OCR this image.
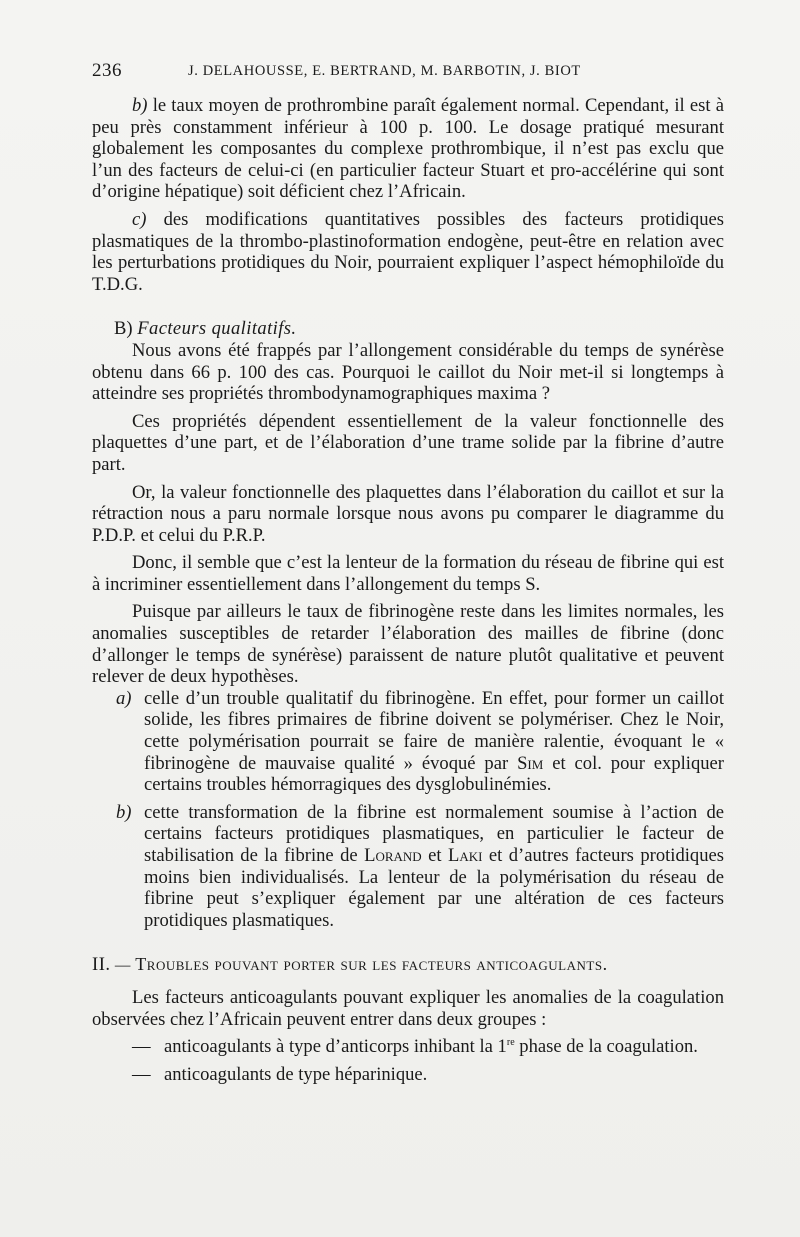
236	J. DELAHOUSSE, E. BERTRAND, M. BARBOTIN, J. BIOT

b) le taux moyen de prothrombine paraît également normal. Cependant, il est à peu près constamment inférieur à 100 p. 100. Le dosage pratiqué mesurant globalement les composantes du complexe prothrombique, il n’est pas exclu que l’un des facteurs de celui-ci (en particulier facteur Stuart et pro-accélérine qui sont d’origine hépatique) soit déficient chez l’Africain.

c) des modifications quantitatives possibles des facteurs protidiques plasmatiques de la thrombo-plastinoformation endogène, peut-être en relation avec les perturbations protidiques du Noir, pourraient expliquer l’aspect hémophiloïde du T.D.G.

B) Facteurs qualitatifs.

Nous avons été frappés par l’allongement considérable du temps de synérèse obtenu dans 66 p. 100 des cas. Pourquoi le caillot du Noir met-il si longtemps à atteindre ses propriétés thrombodynamographiques maxima ?

Ces propriétés dépendent essentiellement de la valeur fonctionnelle des plaquettes d’une part, et de l’élaboration d’une trame solide par la fibrine d’autre part.

Or, la valeur fonctionnelle des plaquettes dans l’élaboration du caillot et sur la rétraction nous a paru normale lorsque nous avons pu comparer le diagramme du P.D.P. et celui du P.R.P.

Donc, il semble que c’est la lenteur de la formation du réseau de fibrine qui est à incriminer essentiellement dans l’allongement du temps S.

Puisque par ailleurs le taux de fibrinogène reste dans les limites normales, les anomalies susceptibles de retarder l’élaboration des mailles de fibrine (donc d’allonger le temps de synérèse) paraissent de nature plutôt qualitative et peuvent relever de deux hypothèses.

a) celle d’un trouble qualitatif du fibrinogène. En effet, pour former un caillot solide, les fibres primaires de fibrine doivent se polymériser. Chez le Noir, cette polymérisation pourrait se faire de manière ralentie, évoquant le « fibrinogène de mauvaise qualité » évoqué par Sim et col. pour expliquer certains troubles hémorragiques des dysglobulinémies.

b) cette transformation de la fibrine est normalement soumise à l’action de certains facteurs protidiques plasmatiques, en particulier le facteur de stabilisation de la fibrine de Lorand et Laki et d’autres facteurs protidiques moins bien individualisés. La lenteur de la polymérisation du réseau de fibrine peut s’expliquer également par une altération de ces facteurs protidiques plasmatiques.

II. — Troubles pouvant porter sur les facteurs anticoagulants.

Les facteurs anticoagulants pouvant expliquer les anomalies de la coagulation observées chez l’Africain peuvent entrer dans deux groupes :

— anticoagulants à type d’anticorps inhibant la 1re phase de la coagulation.

— anticoagulants de type héparinique.
